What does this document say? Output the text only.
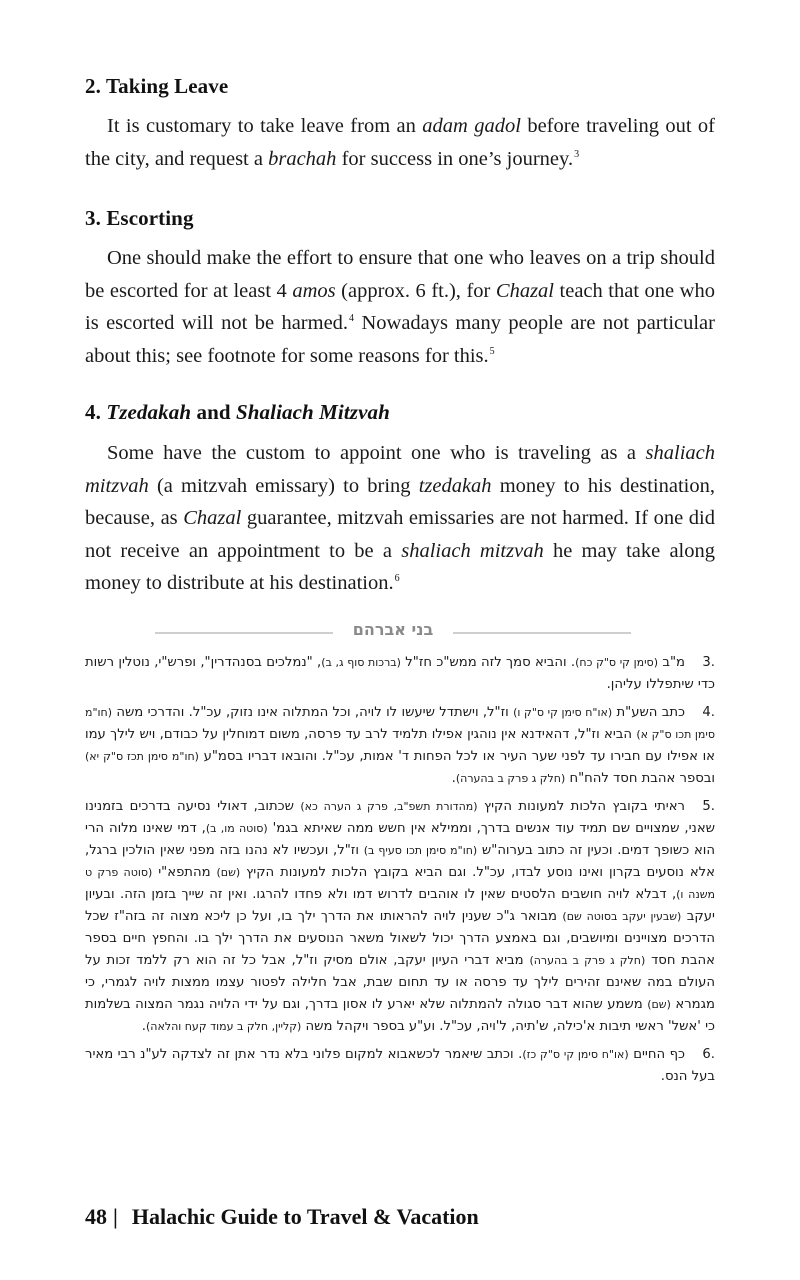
2. Taking Leave

It is customary to take leave from an adam gadol before traveling out of the city, and request a brachah for success in one’s journey.$^3$

3. Escorting

One should make the effort to ensure that one who leaves on a trip should be escorted for at least 4 amos (approx. 6 ft.), for Chazal teach that one who is escorted will not be harmed.$^4$ Nowadays many people are not particular about this; see footnote for some reasons for this.$^5$

4. Tzedakah and Shaliach Mitzvah

Some have the custom to appoint one who is traveling as a shaliach mitzvah (a mitzvah emissary) to bring tzedakah money to his destination, because, as Chazal guarantee, mitzvah emissaries are not harmed. If one did not receive an appointment to be a shaliach mitzvah he may take along money to distribute at his destination.$^6$

בני אברהם
3.מ"ב (סימן קי ס"ק כח). והביא סמך לזה ממש"כ חז"ל (ברכות סוף ג, ב), "נמלכים בסנהדרין", ופרש"י, נוטלין רשות כדי שיתפללו עליהן.
4.כתב השע"ת (או"ח סימן קי ס"ק ו) וז"ל, וישתדל שיעשו לו לויה, וכל המתלוה אינו נזוק, עכ"ל. והדרכי משה (חו"מ סימן תכו ס"ק א) הביא וז"ל, דהאידנא אין נוהגין אפילו תלמיד לרב עד פרסה, משום דמוחלין על כבודם, ויש לילך עמו או אפילו עם חבירו עד לפני שער העיר או לכל הפחות ד' אמות, עכ"ל. והובאו דבריו בסמ"ע (חו"מ סימן תכז ס"ק יא) ובספר אהבת חסד להח"ח (חלק ג פרק ב בהערה).
5.ראיתי בקובץ הלכות למעונות הקיץ (מהדורת תשפ"ב, פרק ג הערה כא) שכתוב, דאולי נסיעה בדרכים בזמנינו שאני, שמצויים שם תמיד עוד אנשים בדרך, וממילא אין חשש ממה שאיתא בגמ' (סוטה מו, ב), דמי שאינו מלוה הרי הוא כשופך דמים. וכעין זה כתוב בערוה"ש (חו"מ סימן תכו סעיף ב) וז"ל, ועכשיו לא נהנו בזה מפני שאין הולכין ברגל, אלא נוסעים בקרון ואינו נוסע לבדו, עכ"ל. וגם הביא בקובץ הלכות למעונות הקיץ (שם) מהתפא"י (סוטה פרק ט משנה ו), דבלא לויה חושבים הלסטים שאין לו אוהבים לדרוש דמו ולא פחדו להרגו. ואין זה שייך בזמן הזה. ובעיון יעקב (שבעין יעקב בסוטה שם) מבואר ג"כ שענין לויה להראותו את הדרך ילך בו, ועל כן ליכא מצוה זה בזה"ז שכל הדרכים מצויינים ומיושבים, וגם באמצע הדרך יכול לשאול משאר הנוסעים את הדרך ילך בו. והחפץ חיים בספר אהבת חסד (חלק ג פרק ב בהערה) מביא דברי העיון יעקב, אולם מסיק וז"ל, אבל כל זה הוא רק ללמד זכות על העולם במה שאינם זהירים לילך עד פרסה או עד תחום שבת, אבל חלילה לפטור עצמו ממצות לויה לגמרי, כי מגמרא (שם) משמע שהוא דבר סגולה להמתלוה שלא יארע לו אסון בדרך, וגם על ידי הלויה נגמר המצוה בשלמות כי 'אשל' ראשי תיבות א'כילה, ש'תיה, ל'ויה, עכ"ל. וע"ע בספר ויקהל משה (קליין, חלק ב עמוד קעח והלאה).
6.כף החיים (או"ח סימן קי ס"ק כז). וכתב שיאמר לכשאבוא למקום פלוני בלא נדר אתן זה לצדקה לע"נ רבי מאיר בעל הנס.
48 | Halachic Guide to Travel & Vacation
